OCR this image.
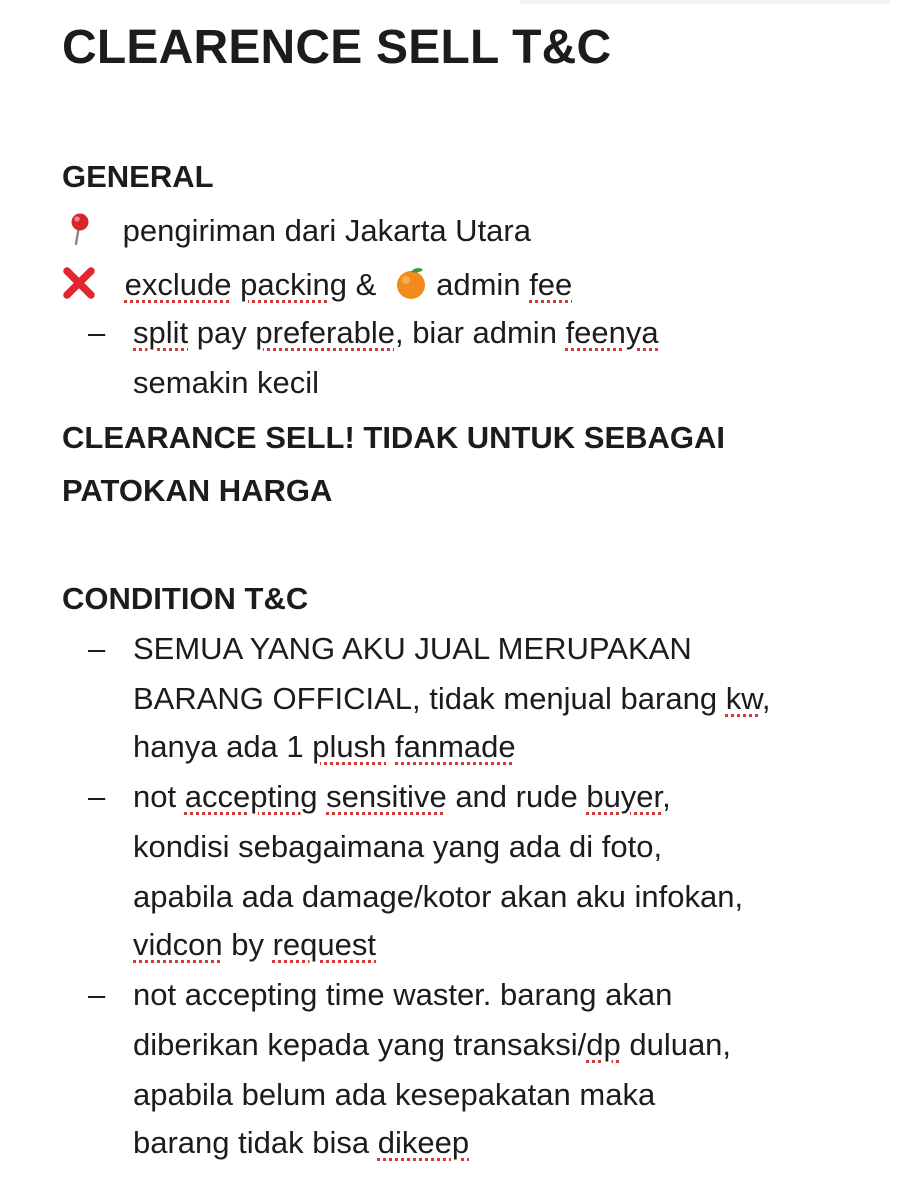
CLEARENCE SELL T&C
GENERAL
pengiriman dari Jakarta Utara
exclude packing &
admin fee
– split pay preferable, biar admin feenya
semakin kecil
CLEARANCE SELL! TIDAK UNTUK SEBAGAI
PATOKAN HARGA
CONDITION T&C
– SEMUA YANG AKU JUAL MERUPAKAN
BARANG OFFICIAL, tidak menjual barang kw,
hanya ada 1 plush fanmade
– not accepting sensitive and rude buyer,
kondisi sebagaimana yang ada di foto,
apabila ada damage/kotor akan aku infokan,
vidcon by request
– not accepting time waster. barang akan
diberikan kepada yang transaksi/dp duluan,
apabila belum ada kesepakatan maka
barang tidak bisa dikeep
